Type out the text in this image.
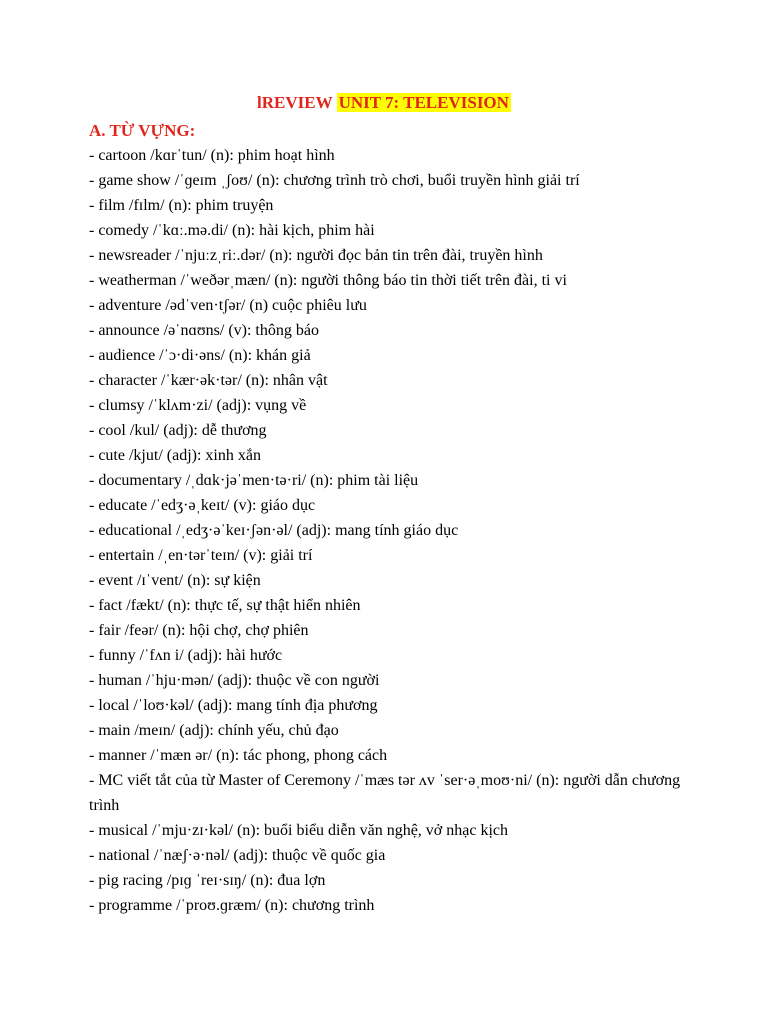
lREVIEW UNIT 7: TELEVISION
A. TỪ VỰNG:
- cartoon /kɑrˈtun/ (n): phim hoạt hình
- game show /ˈɡeɪm ˌʃoʊ/ (n): chương trình trò chơi, buổi truyền hình giải trí
- film /fɪlm/ (n): phim truyện
- comedy /ˈkɑː.mə.di/ (n): hài kịch, phim hài
- newsreader /ˈnjuːzˌriː.dər/ (n): người đọc bản tin trên đài, truyền hình
- weatherman /ˈweðərˌmæn/ (n): người thông báo tin thời tiết trên đài, ti vi
- adventure /ədˈven·tʃər/ (n) cuộc phiêu lưu
- announce /əˈnɑʊns/ (v): thông báo
- audience /ˈɔ·di·əns/ (n): khán giả
- character /ˈkær·ək·tər/ (n): nhân vật
- clumsy /ˈklʌm·zi/ (adj): vụng về
- cool /kul/ (adj): dễ thương
- cute /kjut/ (adj): xinh xắn
- documentary /ˌdɑk·jəˈmen·tə·ri/ (n): phim tài liệu
- educate /ˈedʒ·əˌkeɪt/ (v): giáo dục
- educational /ˌedʒ·əˈkeɪ·ʃən·əl/ (adj): mang tính giáo dục
- entertain /ˌen·tərˈteɪn/ (v): giải trí
- event /ɪˈvent/ (n): sự kiện
- fact /fækt/ (n): thực tế, sự thật hiển nhiên
- fair /feər/ (n): hội chợ, chợ phiên
- funny /ˈfʌn i/ (adj): hài hước
- human /ˈhju·mən/ (adj): thuộc về con người
- local /ˈloʊ·kəl/ (adj): mang tính địa phương
- main /meɪn/ (adj): chính yếu, chủ đạo
- manner /ˈmæn ər/ (n): tác phong, phong cách
- MC viết tắt của từ Master of Ceremony /ˈmæs tər ʌv ˈser·əˌmoʊ·ni/ (n): người dẫn chương trình
- musical /ˈmju·zɪ·kəl/ (n): buổi biểu diễn văn nghệ, vở nhạc kịch
- national /ˈnæʃ·ə·nəl/ (adj): thuộc về quốc gia
- pig racing /pɪɡ ˈreɪ·sɪŋ/ (n): đua lợn
- programme /ˈproʊ.ɡræm/ (n): chương trình
